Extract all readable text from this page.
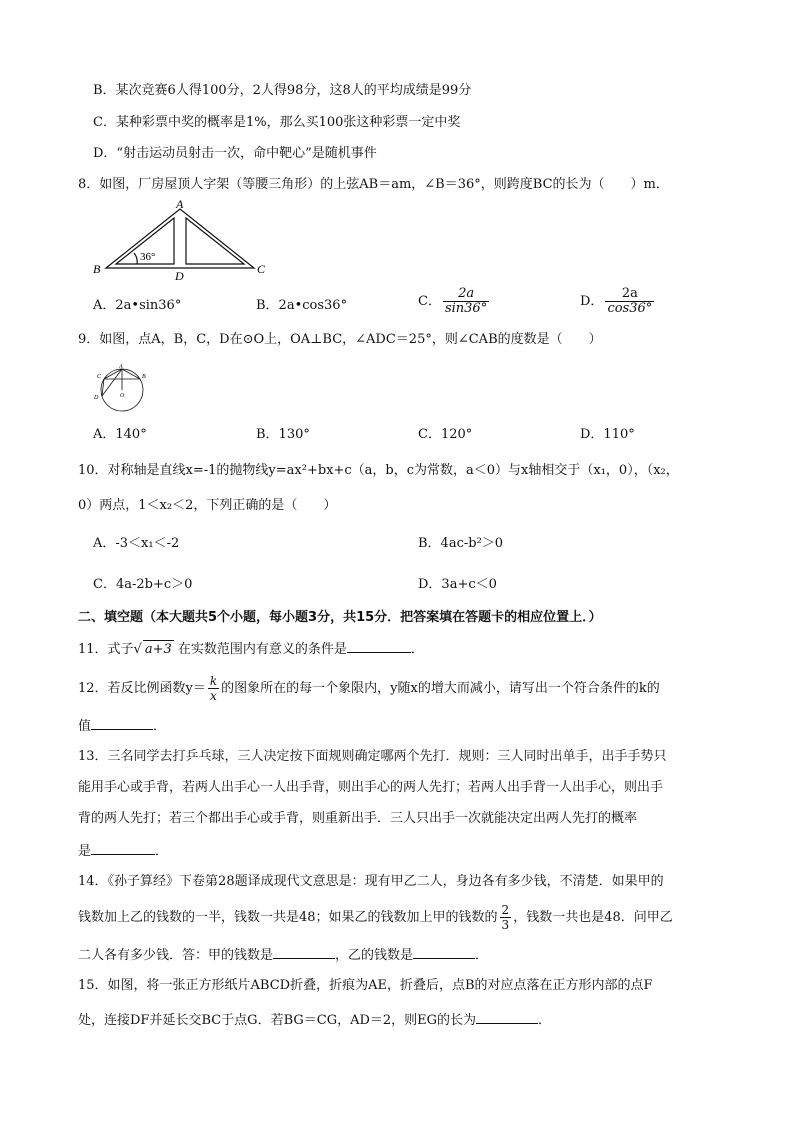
B．某次竞赛6人得100分，2人得98分，这8人的平均成绩是99分
C．某种彩票中奖的概率是1%，那么买100张这种彩票一定中奖
D．“射击运动员射击一次，命中靶心”是随机事件
8．如图，厂房屋顶人字架（等腰三角形）的上弦AB＝am，∠B＝36°，则跨度BC的长为（　　）m．
A
B	C
D
36°
A．2a•sin36°	B．2a•cos36°	C． $\frac{2a}{\sin 36^\circ}$	D． $\frac{2a}{\cos 36^\circ}$
9．如图，点A，B，C，D在⊙O上，OA⊥BC，∠ADC＝25°，则∠CAB的度数是（　　）
A
B
C
D	O
A．140°	B．130°	C．120°	D．110°
10．对称轴是直线x=-1的抛物线y=ax²+bx+c（a，b，c为常数，a＜0）与x轴相交于（x₁，0），（x₂，
0）两点，1＜x₂＜2，下列正确的是（　　）
A．-3＜x₁＜-2	B．4ac-b²＞0
C．4a-2b+c＞0	D．3a+c＜0
二、填空题（本大题共5个小题，每小题3分，共15分．把答案填在答题卡的相应位置上．）
11．式子√ a+3 在实数范围内有意义的条件是	．
12．若反比例函数$y= \frac{k}{x}$ 的图象所在的每一个象限内，y随x的增大而减小，请写出一个符合条件的k的
值	．
13．三名同学去打乒乓球，三人决定按下面规则确定哪两个先打．规则：三人同时出单手，出手手势只
能用手心或手背，若两人出手心一人出手背，则出手心的两人先打；若两人出手背一人出手心，则出手
背的两人先打；若三个都出手心或手背，则重新出手．三人只出手一次就能决定出两人先打的概率
是	．
14．《孙子算经》下卷第28题译成现代文意思是：现有甲乙二人，身边各有多少钱，不清楚．如果甲的
钱数加上乙的钱数的一半，钱数一共是48；如果乙的钱数加上甲的钱数的 $\frac{2}{3}$ ，钱数一共也是48．问甲乙
二人各有多少钱．答：甲的钱数是	，乙的钱数是	．
15．如图，将一张正方形纸片ABCD折叠，折痕为AE，折叠后，点B的对应点落在正方形内部的点F
处，连接DF并延长交BC于点G．若BG＝CG，AD＝2，则EG的长为	．
